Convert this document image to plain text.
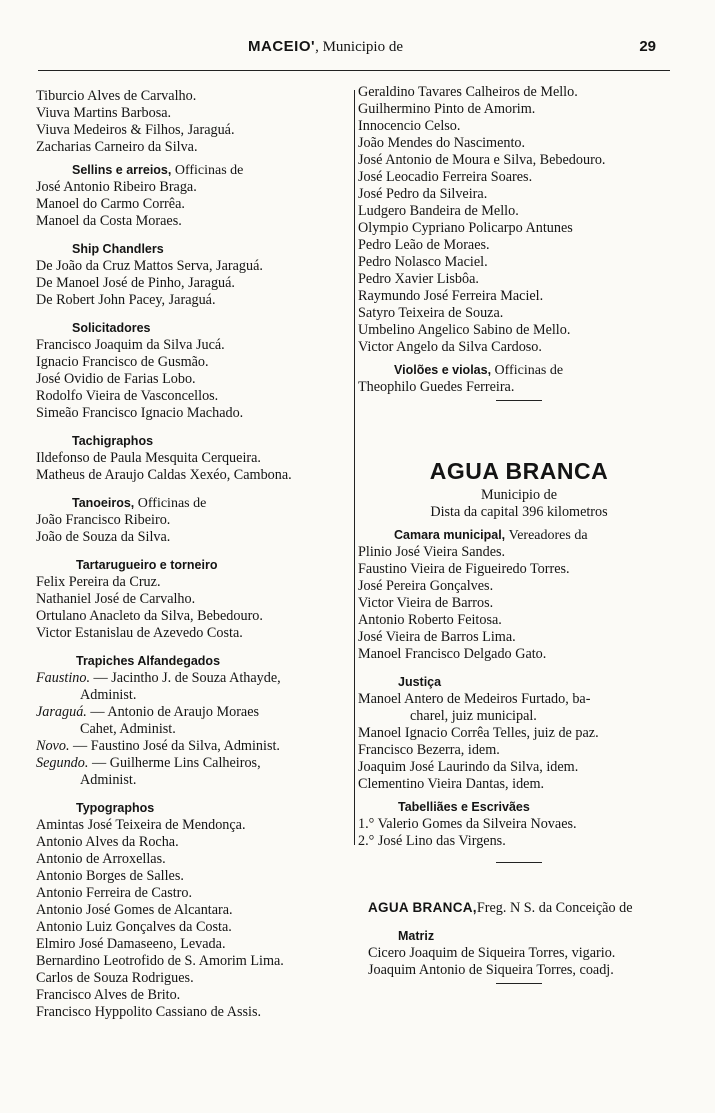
MACEIO', Municipio de	29
Tiburcio Alves de Carvalho.
Viuva Martins Barbosa.
Viuva Medeiros & Filhos, Jaraguá.
Zacharias Carneiro da Silva.
Sellins e arreios, Officinas de
José Antonio Ribeiro Braga.
Manoel do Carmo Corrêa.
Manoel da Costa Moraes.
Ship Chandlers
De João da Cruz Mattos Serva, Jaraguá.
De Manoel José de Pinho, Jaraguá.
De Robert John Pacey, Jaraguá.
Solicitadores
Francisco Joaquim da Silva Jucá.
Ignacio Francisco de Gusmão.
José Ovidio de Farias Lobo.
Rodolfo Vieira de Vasconcellos.
Simeão Francisco Ignacio Machado.
Tachigraphos
Ildefonso de Paula Mesquita Cerqueira.
Matheus de Araujo Caldas Xexéo, Cambona.
Tanoeiros, Officinas de
João Francisco Ribeiro.
João de Souza da Silva.
Tartarugueiro e torneiro
Felix Pereira da Cruz.
Nathaniel José de Carvalho.
Ortulano Anacleto da Silva, Bebedouro.
Victor Estanislau de Azevedo Costa.
Trapiches Alfandegados
Faustino. — Jacintho J. de Souza Athayde,
Administ.
Jaraguá. — Antonio de Araujo Moraes
Cahet, Administ.
Novo. — Faustino José da Silva, Administ.
Segundo. — Guilherme Lins Calheiros,
Administ.
Typographos
Amintas José Teixeira de Mendonça.
Antonio Alves da Rocha.
Antonio de Arroxellas.
Antonio Borges de Salles.
Antonio Ferreira de Castro.
Antonio José Gomes de Alcantara.
Antonio Luiz Gonçalves da Costa.
Elmiro José Damaseeno, Levada.
Bernardino Leotrofido de S. Amorim Lima.
Carlos de Souza Rodrigues.
Francisco Alves de Brito.
Francisco Hyppolito Cassiano de Assis.
Geraldino Tavares Calheiros de Mello.
Guilhermino Pinto de Amorim.
Innocencio Celso.
João Mendes do Nascimento.
José Antonio de Moura e Silva, Bebedouro.
José Leocadio Ferreira Soares.
José Pedro da Silveira.
Ludgero Bandeira de Mello.
Olympio Cypriano Policarpo Antunes
Pedro Leão de Moraes.
Pedro Nolasco Maciel.
Pedro Xavier Lisbôa.
Raymundo José Ferreira Maciel.
Satyro Teixeira de Souza.
Umbelino Angelico Sabino de Mello.
Victor Angelo da Silva Cardoso.
Violões e violas, Officinas de
Theophilo Guedes Ferreira.
AGUA BRANCA
Municipio de
Dista da capital 396 kilometros
Camara municipal, Vereadores da
Plinio José Vieira Sandes.
Faustino Vieira de Figueiredo Torres.
José Pereira Gonçalves.
Victor Vieira de Barros.
Antonio Roberto Feitosa.
José Vieira de Barros Lima.
Manoel Francisco Delgado Gato.
Justiça
Manoel Antero de Medeiros Furtado, ba-
charel, juiz municipal.
Manoel Ignacio Corrêa Telles, juiz de paz.
Francisco Bezerra, idem.
Joaquim José Laurindo da Silva, idem.
Clementino Vieira Dantas, idem.
Tabelliães e Escrivães
1.° Valerio Gomes da Silveira Novaes.
2.° José Lino das Virgens.
AGUA BRANCA,Freg. N S. da Conceição de
Matriz
Cicero Joaquim de Siqueira Torres, vigario.
Joaquim Antonio de Siqueira Torres, coadj.
